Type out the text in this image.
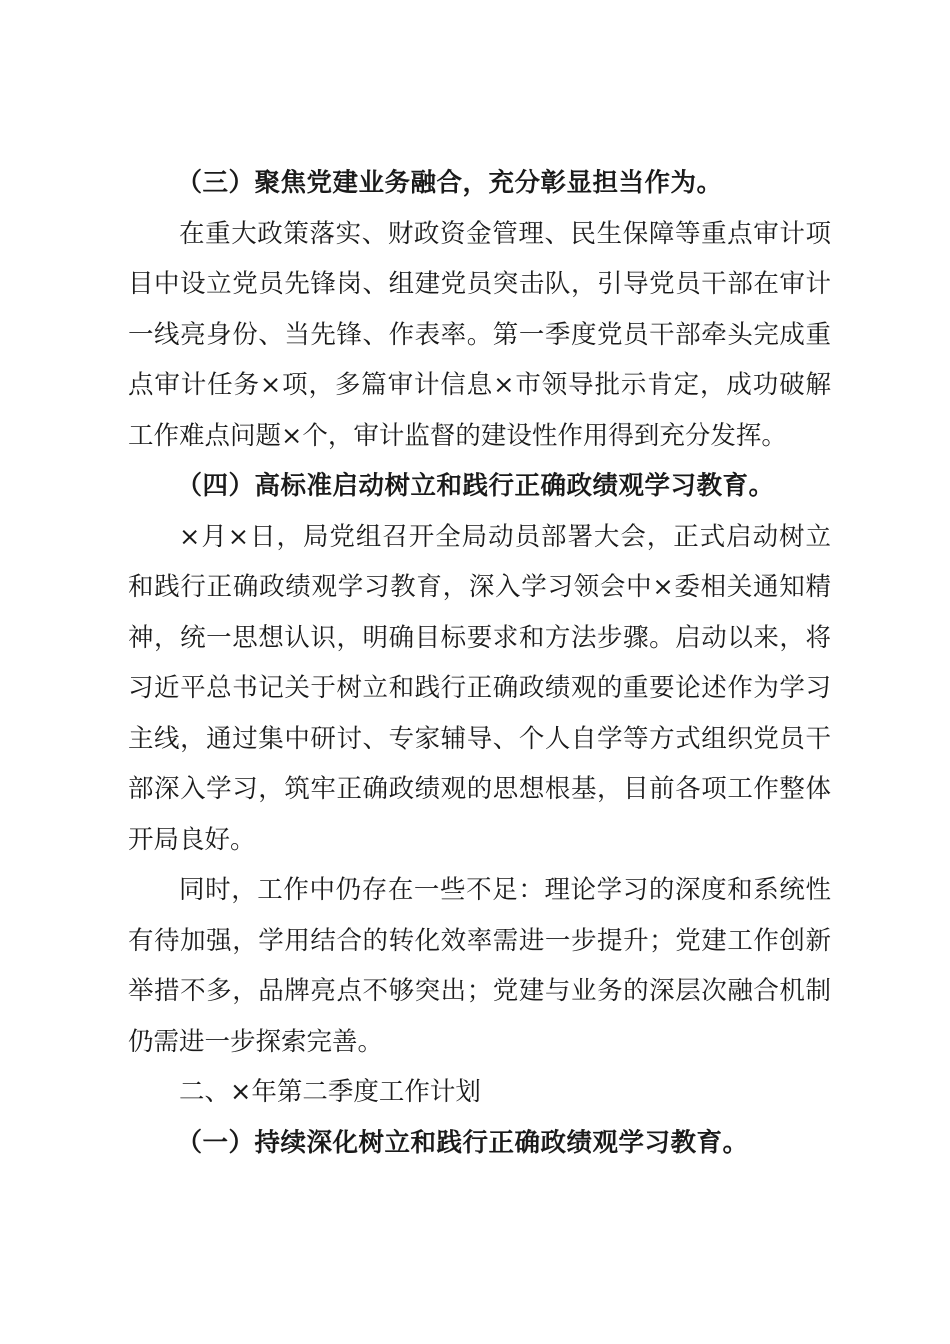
（三）聚焦党建业务融合，充分彰显担当作为。

在重大政策落实、财政资金管理、民生保障等重点审计项目中设立党员先锋岗、组建党员突击队，引导党员干部在审计一线亮身份、当先锋、作表率。第一季度党员干部牵头完成重点审计任务×项，多篇审计信息×市领导批示肯定，成功破解工作难点问题×个，审计监督的建设性作用得到充分发挥。

（四）高标准启动树立和践行正确政绩观学习教育。

×月×日，局党组召开全局动员部署大会，正式启动树立和践行正确政绩观学习教育，深入学习领会中×委相关通知精神，统一思想认识，明确目标要求和方法步骤。启动以来，将习近平总书记关于树立和践行正确政绩观的重要论述作为学习主线，通过集中研讨、专家辅导、个人自学等方式组织党员干部深入学习，筑牢正确政绩观的思想根基，目前各项工作整体开局良好。

同时，工作中仍存在一些不足：理论学习的深度和系统性有待加强，学用结合的转化效率需进一步提升；党建工作创新举措不多，品牌亮点不够突出；党建与业务的深层次融合机制仍需进一步探索完善。

二、×年第二季度工作计划

（一）持续深化树立和践行正确政绩观学习教育。
